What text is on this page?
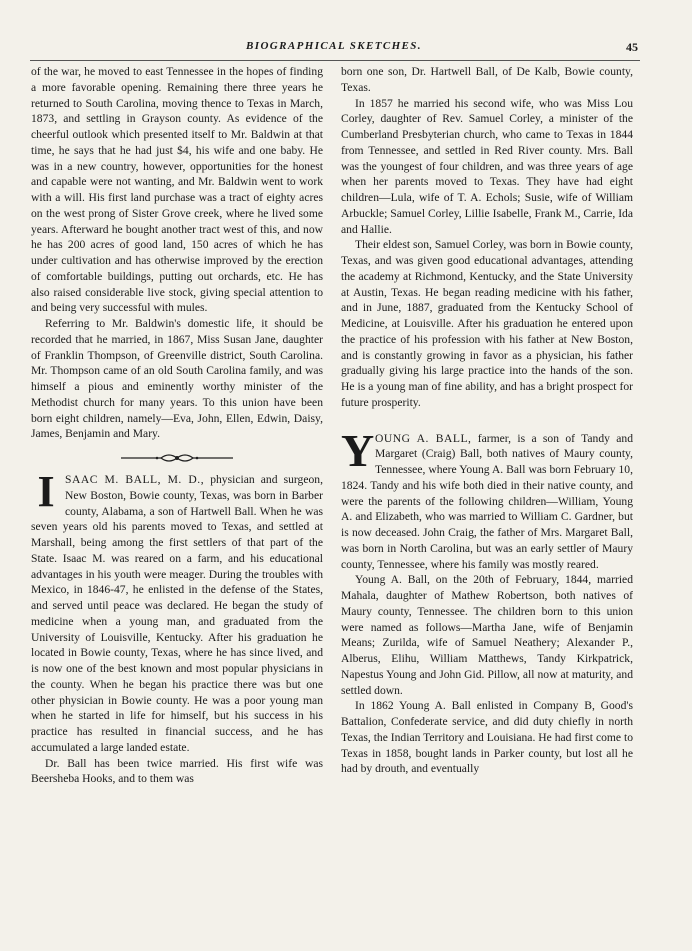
BIOGRAPHICAL SKETCHES.	45

of the war, he moved to east Tennessee in the hopes of finding a more favorable opening. Remaining there three years he returned to South Carolina, moving thence to Texas in March, 1873, and settling in Grayson county. As evidence of the cheerful outlook which presented itself to Mr. Baldwin at that time, he says that he had just $4, his wife and one baby. He was in a new country, however, opportunities for the honest and capable were not wanting, and Mr. Baldwin went to work with a will. His first land purchase was a tract of eighty acres on the west prong of Sister Grove creek, where he lived some years. Afterward he bought another tract west of this, and now he has 200 acres of good land, 150 acres of which he has under cultivation and has otherwise improved by the erection of comfortable buildings, putting out orchards, etc. He has also raised considerable live stock, giving special attention to and being very successful with mules.

Referring to Mr. Baldwin's domestic life, it should be recorded that he married, in 1867, Miss Susan Jane, daughter of Franklin Thompson, of Greenville district, South Carolina. Mr. Thompson came of an old South Carolina family, and was himself a pious and eminently worthy minister of the Methodist church for many years. To this union have been born eight children, namely—Eva, John, Ellen, Edwin, Daisy, James, Benjamin and Mary.

ISAAC M. BALL, M. D., physician and surgeon, New Boston, Bowie county, Texas, was born in Barber county, Alabama, a son of Hartwell Ball. When he was seven years old his parents moved to Texas, and settled at Marshall, being among the first settlers of that part of the State. Isaac M. was reared on a farm, and his educational advantages in his youth were meager. During the troubles with Mexico, in 1846-47, he enlisted in the defense of the States, and served until peace was declared. He began the study of medicine when a young man, and graduated from the University of Louisville, Kentucky. After his graduation he located in Bowie county, Texas, where he has since lived, and is now one of the best known and most popular physicians in the county. When he began his practice there was but one other physician in Bowie county. He was a poor young man when he started in life for himself, but his success in his practice has resulted in financial success, and he has accumulated a large landed estate.

Dr. Ball has been twice married. His first wife was Beersheba Hooks, and to them was

born one son, Dr. Hartwell Ball, of De Kalb, Bowie county, Texas.

In 1857 he married his second wife, who was Miss Lou Corley, daughter of Rev. Samuel Corley, a minister of the Cumberland Presbyterian church, who came to Texas in 1844 from Tennessee, and settled in Red River county. Mrs. Ball was the youngest of four children, and was three years of age when her parents moved to Texas. They have had eight children—Lula, wife of T. A. Echols; Susie, wife of William Arbuckle; Samuel Corley, Lillie Isabelle, Frank M., Carrie, Ida and Hallie.

Their eldest son, Samuel Corley, was born in Bowie county, Texas, and was given good educational advantages, attending the academy at Richmond, Kentucky, and the State University at Austin, Texas. He began reading medicine with his father, and in June, 1887, graduated from the Kentucky School of Medicine, at Louisville. After his graduation he entered upon the practice of his profession with his father at New Boston, and is constantly growing in favor as a physician, his father gradually giving his large practice into the hands of the son. He is a young man of fine ability, and has a bright prospect for future prosperity.

YOUNG A. BALL, farmer, is a son of Tandy and Margaret (Craig) Ball, both natives of Maury county, Tennessee, where Young A. Ball was born February 10, 1824. Tandy and his wife both died in their native county, and were the parents of the following children—William, Young A. and Elizabeth, who was married to William C. Gardner, but is now deceased. John Craig, the father of Mrs. Margaret Ball, was born in North Carolina, but was an early settler of Maury county, Tennessee, where his family was mostly reared.

Young A. Ball, on the 20th of February, 1844, married Mahala, daughter of Mathew Robertson, both natives of Maury county, Tennessee. The children born to this union were named as follows—Martha Jane, wife of Benjamin Means; Zurilda, wife of Samuel Neathery; Alexander P., Alberus, Elihu, William Matthews, Tandy Kirkpatrick, Napestus Young and John Gid. Pillow, all now at maturity, and settled down.

In 1862 Young A. Ball enlisted in Company B, Good's Battalion, Confederate service, and did duty chiefly in north Texas, the Indian Territory and Louisiana. He had first come to Texas in 1858, bought lands in Parker county, but lost all he had by drouth, and eventually
